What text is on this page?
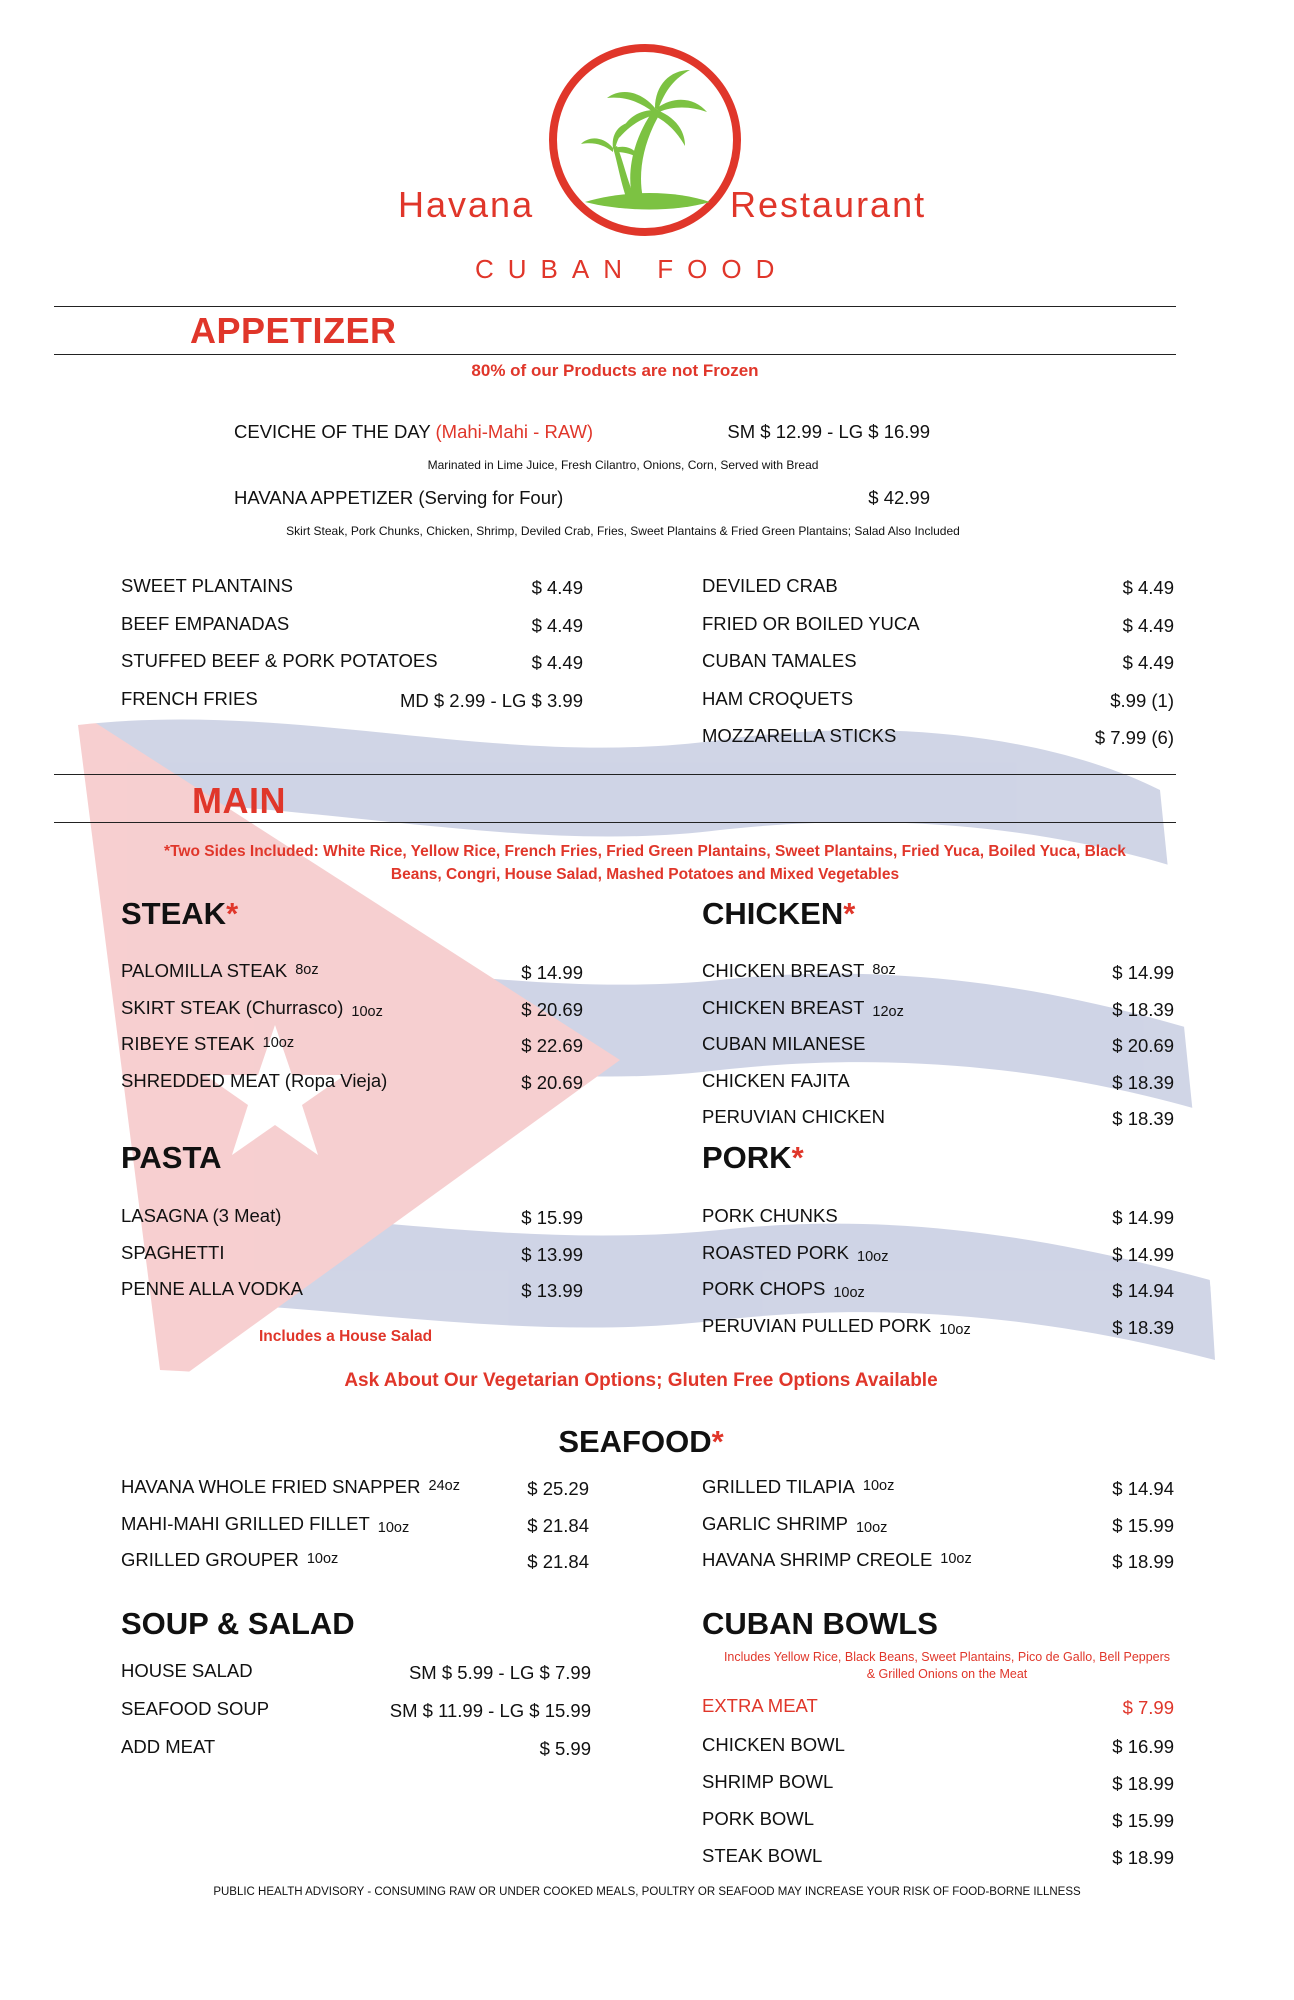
Havana	Restaurant
CUBAN FOOD
APPETIZER
80% of our Products are not Frozen
CEVICHE OF THE DAY (Mahi-Mahi - RAW)	SM $ 12.99 - LG $ 16.99
Marinated in Lime Juice, Fresh Cilantro, Onions, Corn, Served with Bread
HAVANA APPETIZER (Serving for Four)	$ 42.99
Skirt Steak, Pork Chunks, Chicken, Shrimp, Deviled Crab, Fries, Sweet Plantains & Fried Green Plantains; Salad Also Included
SWEET PLANTAINS	$ 4.49
BEEF EMPANADAS	$ 4.49
STUFFED BEEF & PORK POTATOES	$ 4.49
FRENCH FRIES	MD $ 2.99 - LG $ 3.99
DEVILED CRAB	$ 4.49
FRIED OR BOILED YUCA	$ 4.49
CUBAN TAMALES	$ 4.49
HAM CROQUETS	$.99 (1)
MOZZARELLA STICKS	$ 7.99 (6)
MAIN
*Two Sides Included: White Rice, Yellow Rice, French Fries, Fried Green Plantains, Sweet Plantains, Fried Yuca, Boiled Yuca, Black
Beans, Congri, House Salad, Mashed Potatoes and Mixed Vegetables
STEAK*	CHICKEN*
PALOMILLA STEAK 8oz	$ 14.99
SKIRT STEAK (Churrasco) 10oz	$ 20.69
RIBEYE STEAK 10oz	$ 22.69
SHREDDED MEAT (Ropa Vieja)	$ 20.69
CHICKEN BREAST 8oz	$ 14.99
CHICKEN BREAST 12oz	$ 18.39
CUBAN MILANESE	$ 20.69
CHICKEN FAJITA	$ 18.39
PERUVIAN CHICKEN	$ 18.39
PASTA	PORK*
LASAGNA (3 Meat)	$ 15.99
SPAGHETTI	$ 13.99
PENNE ALLA VODKA	$ 13.99
PORK CHUNKS	$ 14.99
ROASTED PORK 10oz	$ 14.99
PORK CHOPS 10oz	$ 14.94
PERUVIAN PULLED PORK 10oz	$ 18.39
Includes a House Salad
Ask About Our Vegetarian Options; Gluten Free Options Available
SEAFOOD*
HAVANA WHOLE FRIED SNAPPER 24oz	$ 25.29
MAHI-MAHI GRILLED FILLET 10oz	$ 21.84
GRILLED GROUPER 10oz	$ 21.84
GRILLED TILAPIA 10oz	$ 14.94
GARLIC SHRIMP 10oz	$ 15.99
HAVANA SHRIMP CREOLE 10oz	$ 18.99
SOUP & SALAD
HOUSE SALAD	SM $ 5.99 - LG $ 7.99
SEAFOOD SOUP	SM $ 11.99 - LG $ 15.99
ADD MEAT	$ 5.99
CUBAN BOWLS
Includes Yellow Rice, Black Beans, Sweet Plantains, Pico de Gallo, Bell Peppers
& Grilled Onions on the Meat
EXTRA MEAT	$ 7.99
CHICKEN BOWL	$ 16.99
SHRIMP BOWL	$ 18.99
PORK BOWL	$ 15.99
STEAK BOWL	$ 18.99
PUBLIC HEALTH ADVISORY - CONSUMING RAW OR UNDER COOKED MEALS, POULTRY OR SEAFOOD MAY INCREASE YOUR RISK OF FOOD-BORNE ILLNESS
